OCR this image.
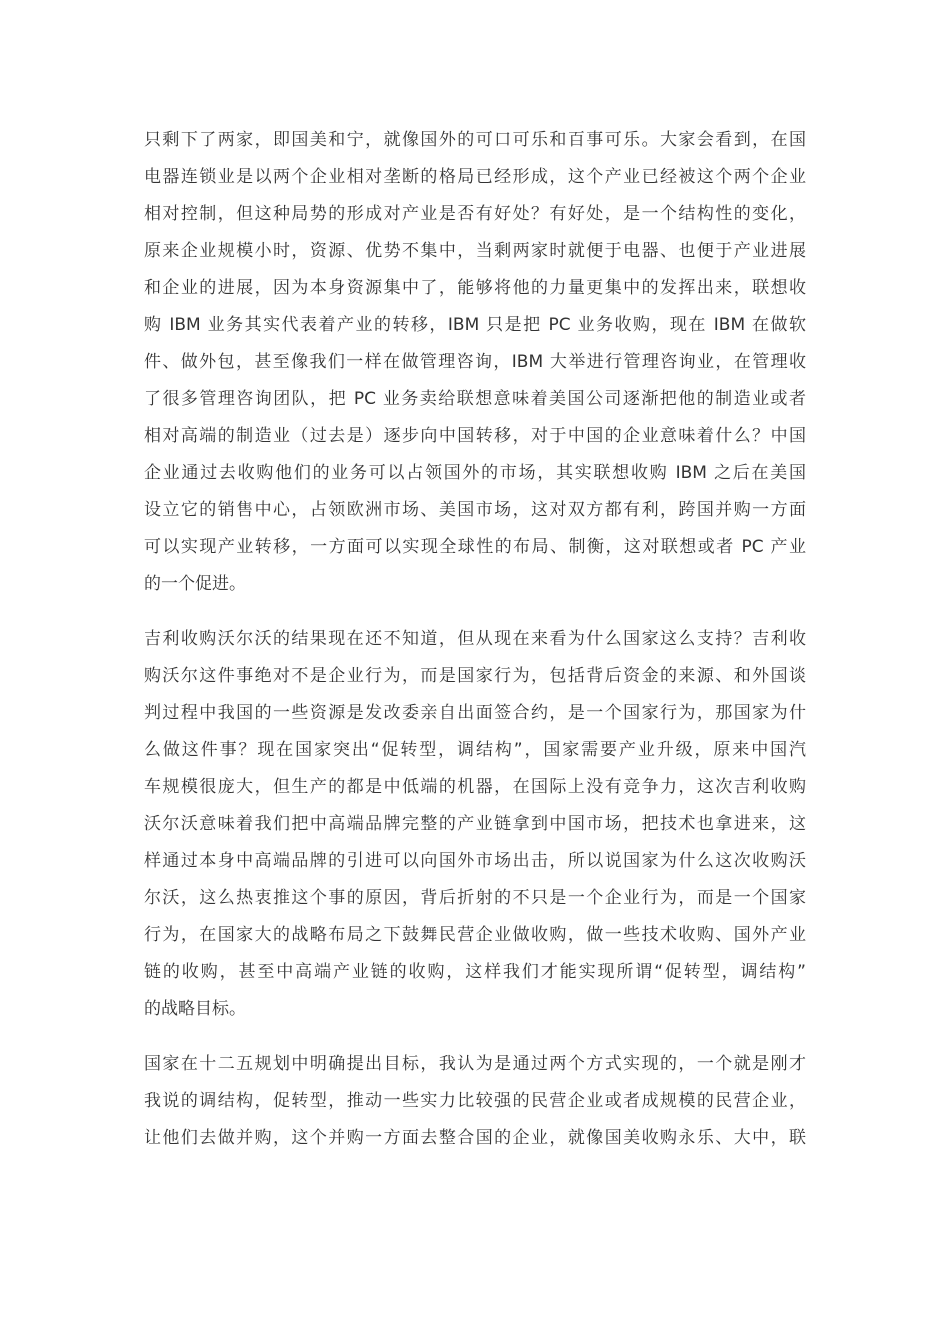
只剩下了两家，即国美和宁，就像国外的可口可乐和百事可乐。大家会看到，在国
电器连锁业是以两个企业相对垄断的格局已经形成，这个产业已经被这个两个企业
相对控制，但这种局势的形成对产业是否有好处？有好处，是一个结构性的变化，
原来企业规模小时，资源、优势不集中，当剩两家时就便于电器、也便于产业进展
和企业的进展，因为本身资源集中了，能够将他的力量更集中的发挥出来，联想收
购 IBM 业务其实代表着产业的转移，IBM 只是把 PC 业务收购，现在 IBM 在做软
件、做外包，甚至像我们一样在做管理咨询，IBM 大举进行管理咨询业，在管理收
了很多管理咨询团队，把 PC 业务卖给联想意味着美国公司逐渐把他的制造业或者
相对高端的制造业（过去是）逐步向中国转移，对于中国的企业意味着什么？中国
企业通过去收购他们的业务可以占领国外的市场，其实联想收购 IBM 之后在美国
设立它的销售中心，占领欧洲市场、美国市场，这对双方都有利，跨国并购一方面
可以实现产业转移，一方面可以实现全球性的布局、制衡，这对联想或者 PC 产业
的一个促进。

吉利收购沃尔沃的结果现在还不知道，但从现在来看为什么国家这么支持？吉利收
购沃尔这件事绝对不是企业行为，而是国家行为，包括背后资金的来源、和外国谈
判过程中我国的一些资源是发改委亲自出面签合约，是一个国家行为，那国家为什
么做这件事？现在国家突出“促转型，调结构”，国家需要产业升级，原来中国汽
车规模很庞大，但生产的都是中低端的机器，在国际上没有竞争力，这次吉利收购
沃尔沃意味着我们把中高端品牌完整的产业链拿到中国市场，把技术也拿进来，这
样通过本身中高端品牌的引进可以向国外市场出击，所以说国家为什么这次收购沃
尔沃，这么热衷推这个事的原因，背后折射的不只是一个企业行为，而是一个国家
行为，在国家大的战略布局之下鼓舞民营企业做收购，做一些技术收购、国外产业
链的收购，甚至中高端产业链的收购，这样我们才能实现所谓“促转型，调结构”
的战略目标。

国家在十二五规划中明确提出目标，我认为是通过两个方式实现的，一个就是刚才
我说的调结构，促转型，推动一些实力比较强的民营企业或者成规模的民营企业，
让他们去做并购，这个并购一方面去整合国的企业，就像国美收购永乐、大中，联
